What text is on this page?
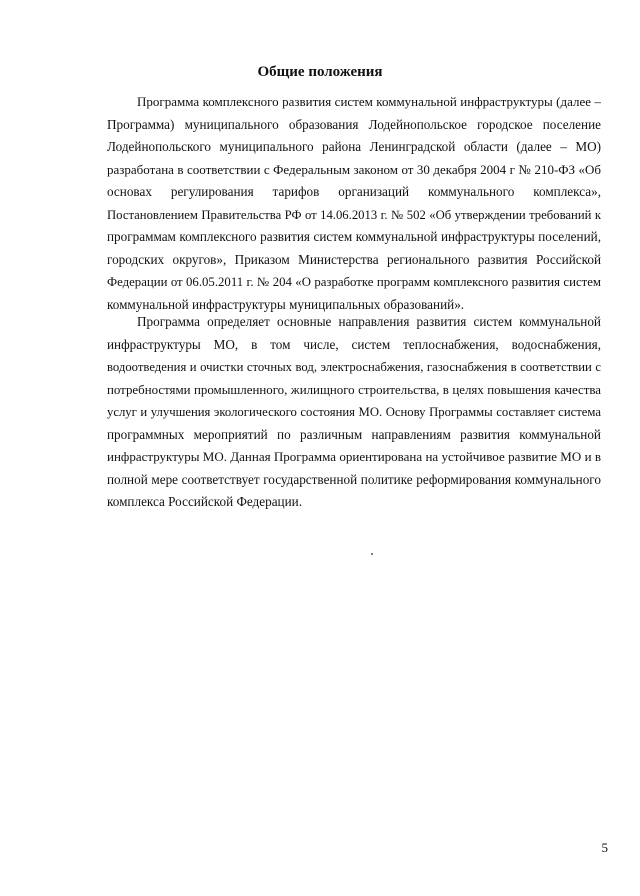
Общие положения
Программа комплексного развития систем коммунальной инфраструктуры (далее –
Программа) муниципального образования Лодейнопольское городское поселение
Лодейнопольского муниципального района Ленинградской области (далее – МО)
разработана в соответствии с Федеральным законом от 30 декабря 2004 г № 210-ФЗ «Об
основах регулирования тарифов организаций коммунального комплекса»,
Постановлением Правительства РФ от 14.06.2013 г. № 502 «Об утверждении требований к
программам комплексного развития систем коммунальной инфраструктуры поселений,
городских округов», Приказом Министерства регионального развития Российской
Федерации от 06.05.2011 г. № 204 «О разработке программ комплексного развития систем
коммунальной инфраструктуры муниципальных образований».
Программа определяет основные направления развития систем коммунальной
инфраструктуры МО, в том числе, систем теплоснабжения, водоснабжения,
водоотведения и очистки сточных вод, электроснабжения, газоснабжения в соответствии с
потребностями промышленного, жилищного строительства, в целях повышения качества
услуг и улучшения экологического состояния МО. Основу Программы составляет система
программных мероприятий по различным направлениям развития коммунальной
инфраструктуры МО. Данная Программа ориентирована на устойчивое развитие МО и в
полной мере соответствует государственной политике реформирования коммунального
комплекса Российской Федерации.
5
